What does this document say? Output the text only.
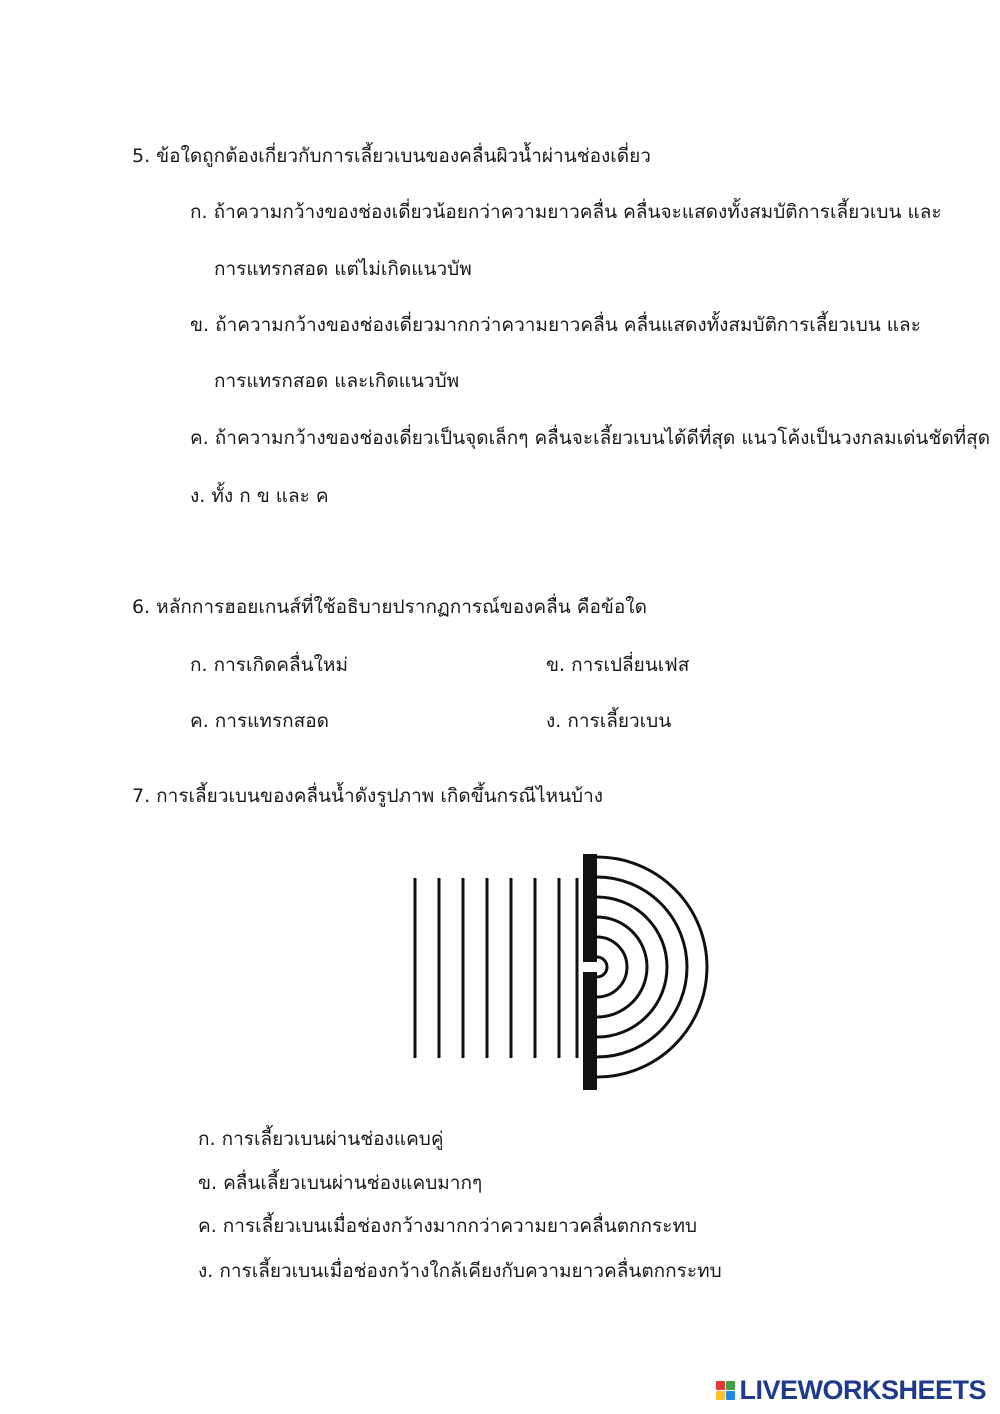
5. ข้อใดถูกต้องเกี่ยวกับการเลี้ยวเบนของคลื่นผิวน้ำผ่านช่องเดี่ยว
ก. ถ้าความกว้างของช่องเดี่ยวน้อยกว่าความยาวคลื่น คลื่นจะแสดงทั้งสมบัติการเลี้ยวเบน และ
การแทรกสอด แต่ไม่เกิดแนวบัพ
ข. ถ้าความกว้างของช่องเดี่ยวมากกว่าความยาวคลื่น คลื่นแสดงทั้งสมบัติการเลี้ยวเบน และ
การแทรกสอด และเกิดแนวบัพ
ค. ถ้าความกว้างของช่องเดี่ยวเป็นจุดเล็กๆ คลื่นจะเลี้ยวเบนได้ดีที่สุด แนวโค้งเป็นวงกลมเด่นชัดที่สุด
ง. ทั้ง ก ข และ ค
6. หลักการฮอยเกนส์ที่ใช้อธิบายปรากฏการณ์ของคลื่น คือข้อใด
ก. การเกิดคลื่นใหม่	ข. การเปลี่ยนเฟส
ค. การแทรกสอด	ง. การเลี้ยวเบน
7. การเลี้ยวเบนของคลื่นน้ำดังรูปภาพ เกิดขึ้นกรณีไหนบ้าง
ก. การเลี้ยวเบนผ่านช่องแคบคู่
ข. คลื่นเลี้ยวเบนผ่านช่องแคบมากๆ
ค. การเลี้ยวเบนเมื่อช่องกว้างมากกว่าความยาวคลื่นตกกระทบ
ง. การเลี้ยวเบนเมื่อช่องกว้างใกล้เคียงกับความยาวคลื่นตกกระทบ
LIVEWORKSHEETS
